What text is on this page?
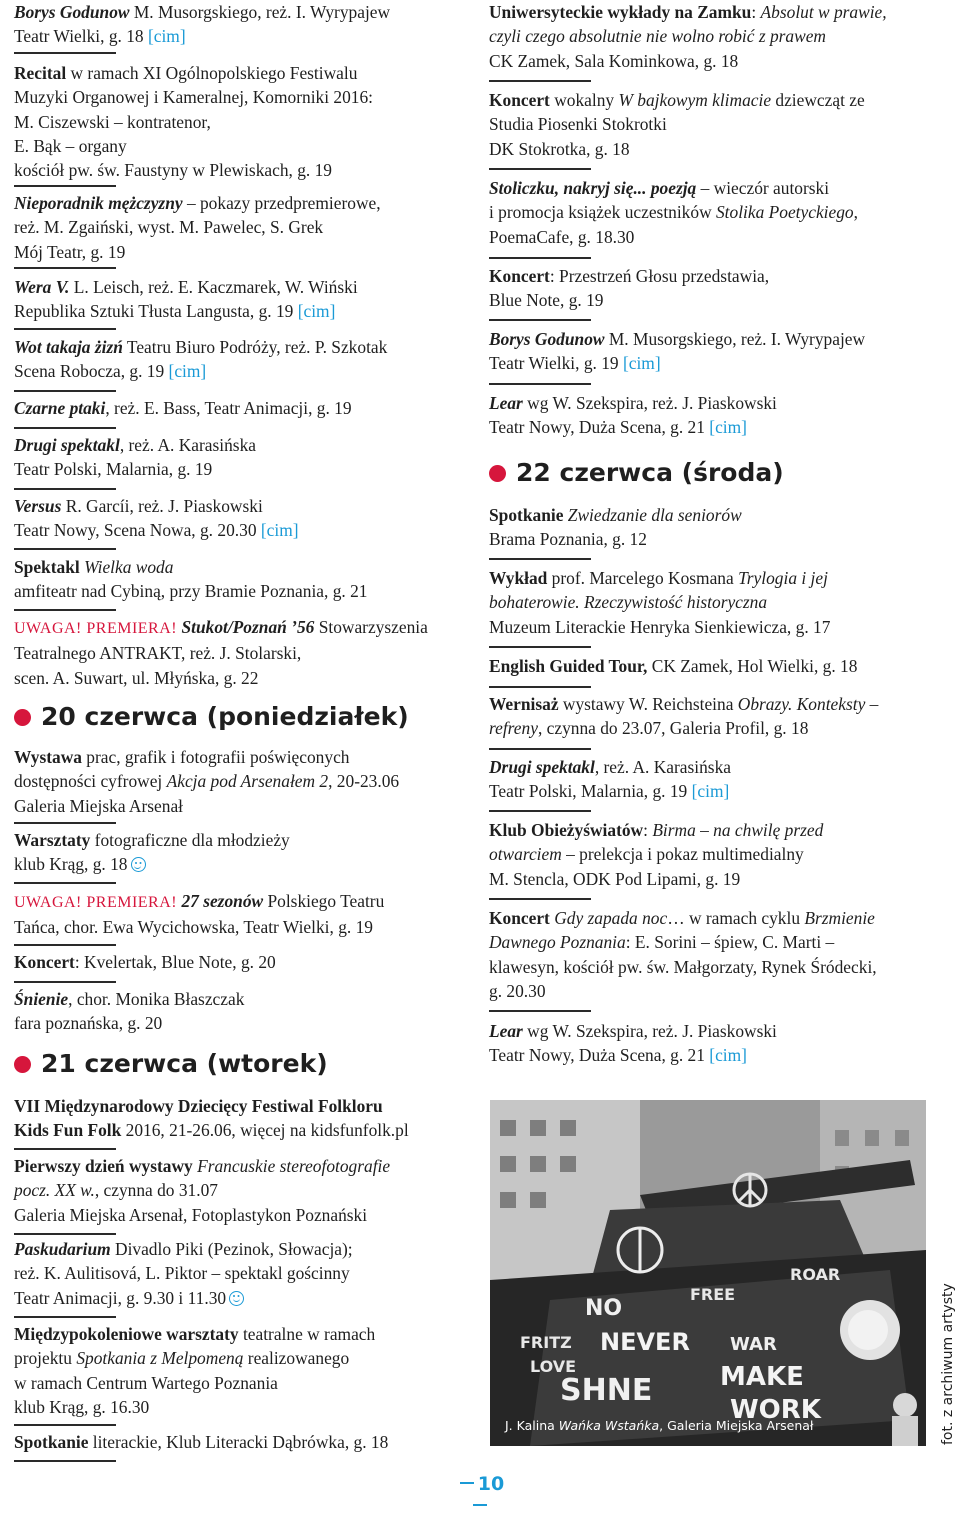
Borys Godunow M. Musorgskiego, reż. I. Wyrypajew
Teatr Wielki, g. 18 [cim]
Recital w ramach XI Ogólnopolskiego Festiwalu
Muzyki Organowej i Kameralnej, Komorniki 2016:
M. Ciszewski – kontratenor,
E. Bąk – organy
kościół pw. św. Faustyny w Plewiskach, g. 19
Nieporadnik mężczyzny – pokazy przedpremierowe,
reż. M. Zgaiński, wyst. M. Pawelec, S. Grek
Mój Teatr, g. 19
Wera V. L. Leisch, reż. E. Kaczmarek, W. Wiński
Republika Sztuki Tłusta Langusta, g. 19 [cim]
Wot takaja żizń Teatru Biuro Podróży, reż. P. Szkotak
Scena Robocza, g. 19 [cim]
Czarne ptaki, reż. E. Bass, Teatr Animacji, g. 19
Drugi spektakl, reż. A. Karasińska
Teatr Polski, Malarnia, g. 19
Versus R. Garcíi, reż. J. Piaskowski
Teatr Nowy, Scena Nowa, g. 20.30 [cim]
Spektakl Wielka woda
amfiteatr nad Cybiną, przy Bramie Poznania, g. 21
UWAGA! PREMIERA! Stukot/Poznań ’56 Stowarzyszenia
Teatralnego ANTRAKT, reż. J. Stolarski,
scen. A. Suwart, ul. Młyńska, g. 22
20 czerwca (poniedziałek)
Wystawa prac, grafik i fotografii poświęconych
dostępności cyfrowej Akcja pod Arsenałem 2, 20-23.06
Galeria Miejska Arsenał
Warsztaty fotograficzne dla młodzieży
klub Krąg, g. 18
UWAGA! PREMIERA! 27 sezonów Polskiego Teatru
Tańca, chor. Ewa Wycichowska, Teatr Wielki, g. 19
Koncert: Kvelertak, Blue Note, g. 20
Śnienie, chor. Monika Błaszczak
fara poznańska, g. 20
21 czerwca (wtorek)
VII Międzynarodowy Dziecięcy Festiwal Folkloru
Kids Fun Folk 2016, 21-26.06, więcej na kidsfunfolk.pl
Pierwszy dzień wystawy Francuskie stereofotografie
pocz. XX w., czynna do 31.07
Galeria Miejska Arsenał, Fotoplastykon Poznański
Paskudarium Divadlo Piki (Pezinok, Słowacja);
reż. K. Aulitisová, L. Piktor – spektakl gościnny
Teatr Animacji, g. 9.30 i 11.30
Międzypokoleniowe warsztaty teatralne w ramach
projektu Spotkania z Melpomeną realizowanego
w ramach Centrum Wartego Poznania
klub Krąg, g. 16.30
Spotkanie literackie, Klub Literacki Dąbrówka, g. 18
Uniwersyteckie wykłady na Zamku: Absolut w prawie,
czyli czego absolutnie nie wolno robić z prawem
CK Zamek, Sala Kominkowa, g. 18
Koncert wokalny W bajkowym klimacie dziewcząt ze
Studia Piosenki Stokrotki
DK Stokrotka, g. 18
Stoliczku, nakryj się... poezją – wieczór autorski
i promocja książek uczestników Stolika Poetyckiego,
PoemaCafe, g. 18.30
Koncert: Przestrzeń Głosu przedstawia,
Blue Note, g. 19
Borys Godunow M. Musorgskiego, reż. I. Wyrypajew
Teatr Wielki, g. 19 [cim]
Lear wg W. Szekspira, reż. J. Piaskowski
Teatr Nowy, Duża Scena, g. 21 [cim]
22 czerwca (środa)
Spotkanie Zwiedzanie dla seniorów
Brama Poznania, g. 12
Wykład prof. Marcelego Kosmana Trylogia i jej
bohaterowie. Rzeczywistość historyczna
Muzeum Literackie Henryka Sienkiewicza, g. 17
English Guided Tour, CK Zamek, Hol Wielki, g. 18
Wernisaż wystawy W. Reichsteina Obrazy. Konteksty –
refreny, czynna do 23.07, Galeria Profil, g. 18
Drugi spektakl, reż. A. Karasińska
Teatr Polski, Malarnia, g. 19 [cim]
Klub Obieżyświatów: Birma – na chwilę przed
otwarciem – prelekcja i pokaz multimedialny
M. Stencla, ODK Pod Lipami, g. 19
Koncert Gdy zapada noc… w ramach cyklu Brzmienie
Dawnego Poznania: E. Sorini – śpiew, C. Marti –
klawesyn, kościół pw. św. Małgorzaty, Rynek Śródecki,
g. 20.30
Lear wg W. Szekspira, reż. J. Piaskowski
Teatr Nowy, Duża Scena, g. 21 [cim]
NO
FRITZ
LOVE
NEVER WAR
FREE
ROAR
MAKE
SHNE
WORK
J. Kalina Wańka Wstańka, Galeria Miejska Arsenał	fot. z archiwum artysty
10
